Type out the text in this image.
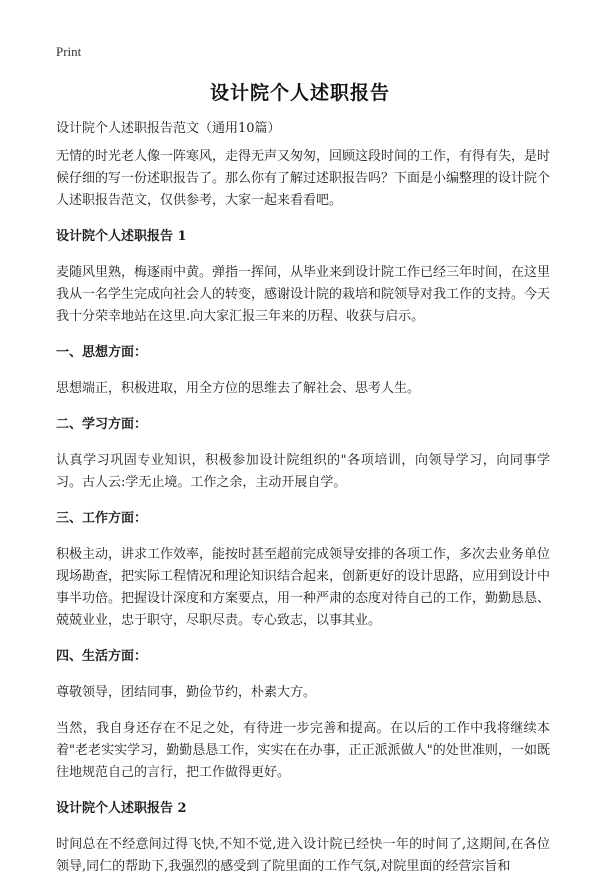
Print
设计院个人述职报告

设计院个人述职报告范文（通用10篇）

无情的时光老人像一阵寒风，走得无声又匆匆，回顾这段时间的工作，有得有失，是时候仔细的写一份述职报告了。那么你有了解过述职报告吗？下面是小编整理的设计院个人述职报告范文，仅供参考，大家一起来看看吧。

设计院个人述职报告 1

麦随风里熟，梅逐雨中黄。弹指一挥间，从毕业来到设计院工作已经三年时间，在这里我从一名学生完成向社会人的转变，感谢设计院的栽培和院领导对我工作的支持。今天我十分荣幸地站在这里.向大家汇报三年来的历程、收获与启示。

一、思想方面：

思想端正，积极进取，用全方位的思维去了解社会、思考人生。

二、学习方面：

认真学习巩固专业知识，积极参加设计院组织的"各项培训，向领导学习，向同事学习。古人云:学无止境。工作之余，主动开展自学。

三、工作方面：

积极主动，讲求工作效率，能按时甚至超前完成领导安排的各项工作，多次去业务单位现场勘查，把实际工程情况和理论知识结合起来，创新更好的设计思路，应用到设计中事半功倍。把握设计深度和方案要点，用一种严肃的态度对待自己的工作，勤勤恳恳、兢兢业业，忠于职守，尽职尽责。专心致志，以事其业。

四、生活方面：

尊敬领导，团结同事，勤俭节约，朴素大方。

当然，我自身还存在不足之处，有待进一步完善和提高。在以后的工作中我将继续本着"老老实实学习，勤勤恳恳工作，实实在在办事，正正派派做人"的处世准则，一如既往地规范自己的言行，把工作做得更好。

设计院个人述职报告 2

时间总在不经意间过得飞快,不知不觉,进入设计院已经快一年的时间了,这期间,在各位领导,同仁的帮助下,我强烈的感受到了院里面的工作气氛,对院里面的经营宗旨和
